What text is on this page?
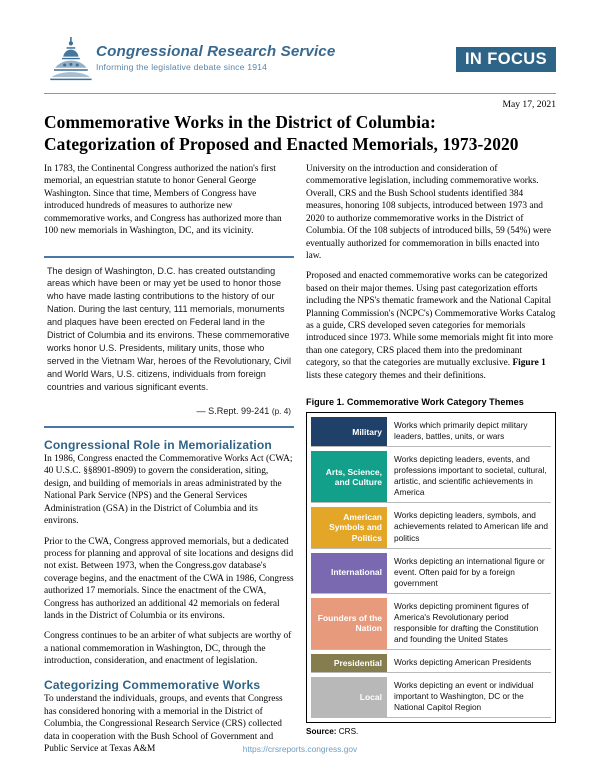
Congressional Research Service
Informing the legislative debate since 1914	IN FOCUS
May 17, 2021
Commemorative Works in the District of Columbia:
Categorization of Proposed and Enacted Memorials, 1973-2020

In 1783, the Continental Congress authorized the nation's first memorial, an equestrian statute to honor General George Washington. Since that time, Members of Congress have introduced hundreds of measures to authorize new commemorative works, and Congress has authorized more than 100 new memorials in Washington, DC, and its vicinity.

The design of Washington, D.C. has created outstanding areas which have been or may yet be used to honor those who have made lasting contributions to the history of our Nation. During the last century, 111 memorials, monuments and plaques have been erected on Federal land in the District of Columbia and its environs. These commemorative works honor U.S. Presidents, military units, those who served in the Vietnam War, heroes of the Revolutionary, Civil and World Wars, U.S. citizens, individuals from foreign countries and various significant events.

— S.Rept. 99-241 (p. 4)
Congressional Role in Memorialization

In 1986, Congress enacted the Commemorative Works Act (CWA; 40 U.S.C. §§8901-8909) to govern the consideration, siting, design, and building of memorials in areas administrated by the National Park Service (NPS) and the General Services Administration (GSA) in the District of Columbia and its environs.

Prior to the CWA, Congress approved memorials, but a dedicated process for planning and approval of site locations and designs did not exist. Between 1973, when the Congress.gov database's coverage begins, and the enactment of the CWA in 1986, Congress authorized 17 memorials. Since the enactment of the CWA, Congress has authorized an additional 42 memorials on federal lands in the District of Columbia or its environs.

Congress continues to be an arbiter of what subjects are worthy of a national commemoration in Washington, DC, through the introduction, consideration, and enactment of legislation.

Categorizing Commemorative Works

To understand the individuals, groups, and events that Congress has considered honoring with a memorial in the District of Columbia, the Congressional Research Service (CRS) collected data in cooperation with the Bush School of Government and Public Service at Texas A&M

University on the introduction and consideration of commemorative legislation, including commemorative works. Overall, CRS and the Bush School students identified 384 measures, honoring 108 subjects, introduced between 1973 and 2020 to authorize commemorative works in the District of Columbia. Of the 108 subjects of introduced bills, 59 (54%) were eventually authorized for commemoration in bills enacted into law.

Proposed and enacted commemorative works can be categorized based on their major themes. Using past categorization efforts including the NPS's thematic framework and the National Capital Planning Commission's (NCPC's) Commemorative Works Catalog as a guide, CRS developed seven categories for memorials introduced since 1973. While some memorials might fit into more than one category, CRS placed them into the predominant category, so that the categories are mutually exclusive. Figure 1 lists these category themes and their definitions.

Figure 1. Commemorative Work Category Themes
Military
Works which primarily depict military leaders, battles, units, or wars
Arts, Science, and Culture
Works depicting leaders, events, and professions important to societal, cultural, artistic, and scientific achievements in America
American Symbols and Politics
Works depicting leaders, symbols, and achievements related to American life and politics
International
Works depicting an international figure or event. Often paid for by a foreign government
Founders of the Nation
Works depicting prominent figures of America's Revolutionary period responsible for drafting the Constitution and founding the United States
Presidential	Works depicting American Presidents
Local
Works depicting an event or individual important to Washington, DC or the National Capitol Region
Source: CRS.
https://crsreports.congress.gov
